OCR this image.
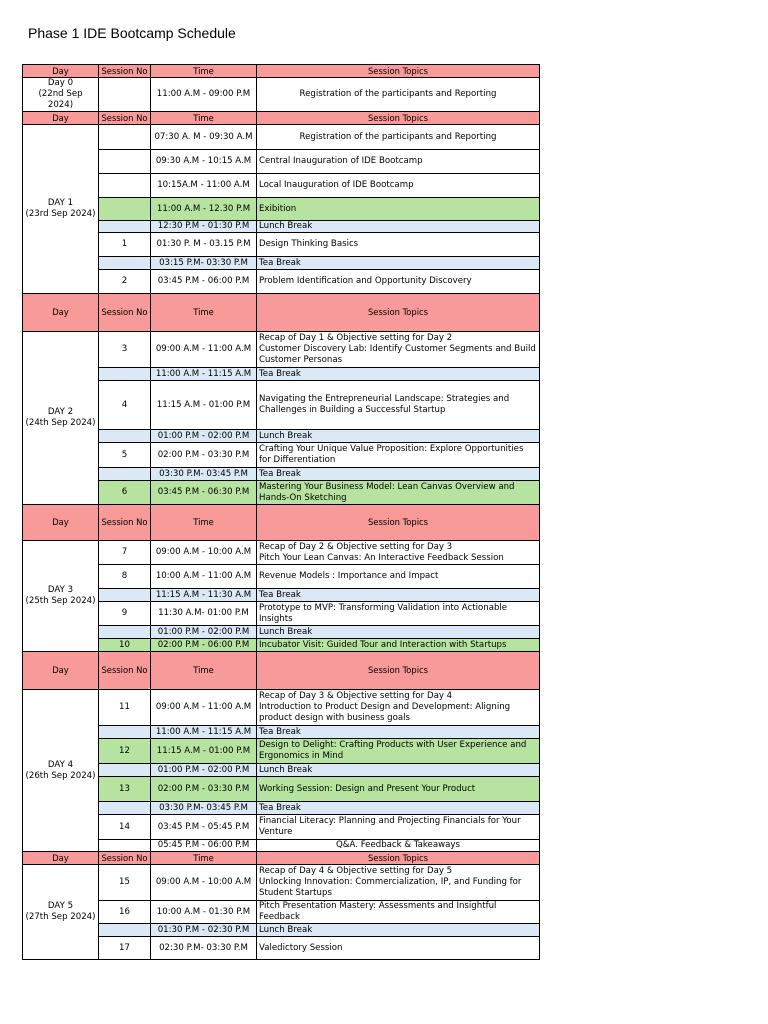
Phase 1 IDE Bootcamp Schedule
Day	Session No	Time	Session Topics
Day 0
(22nd Sep 2024)		11:00 A.M - 09:00 P.M	Registration of the participants and Reporting
Day	Session No	Time	Session Topics
DAY 1
(23rd Sep 2024)		07:30 A. M - 09:30 A.M	Registration of the participants and Reporting
		09:30 A.M - 10:15 A.M	Central Inauguration of IDE Bootcamp
		10:15A.M - 11:00 A.M	Local Inauguration of IDE Bootcamp
		11:00 A.M - 12.30 P.M	Exibition
		12:30 P.M - 01:30 P.M	Lunch Break
	1	01:30 P. M - 03.15 P.M	Design Thinking Basics
		03:15 P.M- 03:30 P.M	Tea Break
	2	03:45 P.M - 06:00 P.M	Problem Identification and Opportunity Discovery
Day	Session No	Time	Session Topics
DAY 2
(24th Sep 2024)	3	09:00 A.M - 11:00 A.M	Recap of Day 1 & Objective setting for Day 2
Customer Discovery Lab: Identify Customer Segments and Build Customer Personas
		11:00 A.M - 11:15 A.M	Tea Break
	4	11:15 A.M - 01:00 P.M	Navigating the Entrepreneurial Landscape: Strategies and Challenges in Building a Successful Startup
		01:00 P.M - 02:00 P.M	Lunch Break
	5	02:00 P.M - 03:30 P.M	Crafting Your Unique Value Proposition: Explore Opportunities for Differentiation
		03:30 P.M- 03:45 P.M	Tea Break
	6	03:45 P.M - 06:30 P.M	Mastering Your Business Model: Lean Canvas Overview and Hands-On Sketching
Day	Session No	Time	Session Topics
DAY 3
(25th Sep 2024)	7	09:00 A.M - 10:00 A.M	Recap of Day 2 & Objective setting for Day 3
Pitch Your Lean Canvas: An Interactive Feedback Session
	8	10:00 A.M - 11:00 A.M	Revenue Models : Importance and Impact
		11:15 A.M - 11:30 A.M	Tea Break
	9	11:30 A.M- 01:00 P.M	Prototype to MVP: Transforming Validation into Actionable Insights
		01:00 P.M - 02:00 P.M	Lunch Break
	10	02:00 P.M - 06:00 P.M	Incubator Visit: Guided Tour and Interaction with Startups
Day	Session No	Time	Session Topics
DAY 4
(26th Sep 2024)	11	09:00 A.M - 11:00 A.M	Recap of Day 3 & Objective setting for Day 4
Introduction to Product Design and Development: Aligning product design with business goals
		11:00 A.M - 11:15 A.M	Tea Break
	12	11:15 A.M - 01:00 P.M	Design to Delight: Crafting Products with User Experience and Ergonomics in Mind
		01:00 P.M - 02:00 P.M	Lunch Break
	13	02:00 P.M - 03:30 P.M	Working Session: Design and Present Your Product
		03:30 P.M- 03:45 P.M	Tea Break
	14	03:45 P.M - 05:45 P.M	Financial Literacy: Planning and Projecting Financials for Your Venture
		05:45 P.M - 06:00 P.M	Q&A. Feedback & Takeaways
Day	Session No	Time	Session Topics
DAY 5
(27th Sep 2024)	15	09:00 A.M - 10:00 A.M	Recap of Day 4 & Objective setting for Day 5
Unlocking Innovation: Commercialization, IP, and Funding for Student Startups
	16	10:00 A.M - 01:30 P.M	Pitch Presentation Mastery: Assessments and Insightful Feedback
		01:30 P.M - 02:30 P.M	Lunch Break
	17	02:30 P.M- 03:30 P.M	Valedictory Session
